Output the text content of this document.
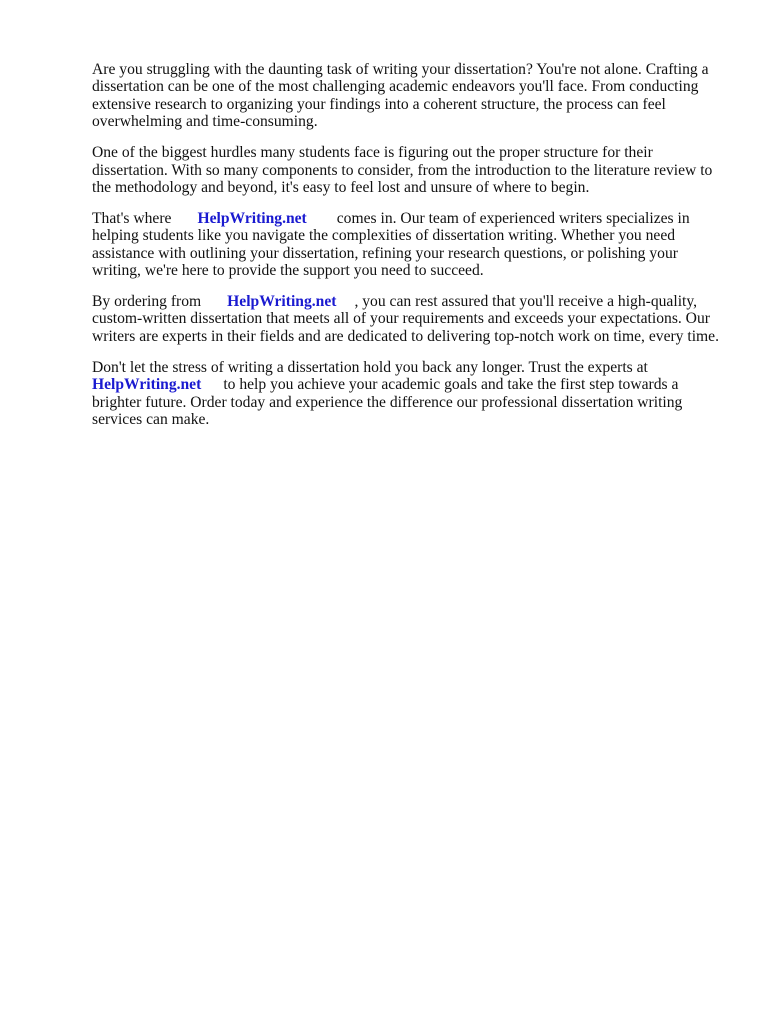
Are you struggling with the daunting task of writing your dissertation? You're not alone. Crafting a
dissertation can be one of the most challenging academic endeavors you'll face. From conducting
extensive research to organizing your findings into a coherent structure, the process can feel
overwhelming and time-consuming.

One of the biggest hurdles many students face is figuring out the proper structure for their
dissertation. With so many components to consider, from the introduction to the literature review to
the methodology and beyond, it's easy to feel lost and unsure of where to begin.

That's where HelpWriting.net comes in. Our team of experienced writers specializes in
helping students like you navigate the complexities of dissertation writing. Whether you need
assistance with outlining your dissertation, refining your research questions, or polishing your
writing, we're here to provide the support you need to succeed.

By ordering from HelpWriting.net , you can rest assured that you'll receive a high-quality,
custom-written dissertation that meets all of your requirements and exceeds your expectations. Our
writers are experts in their fields and are dedicated to delivering top-notch work on time, every time.

Don't let the stress of writing a dissertation hold you back any longer. Trust the experts at
HelpWriting.net to help you achieve your academic goals and take the first step towards a
brighter future. Order today and experience the difference our professional dissertation writing
services can make.
